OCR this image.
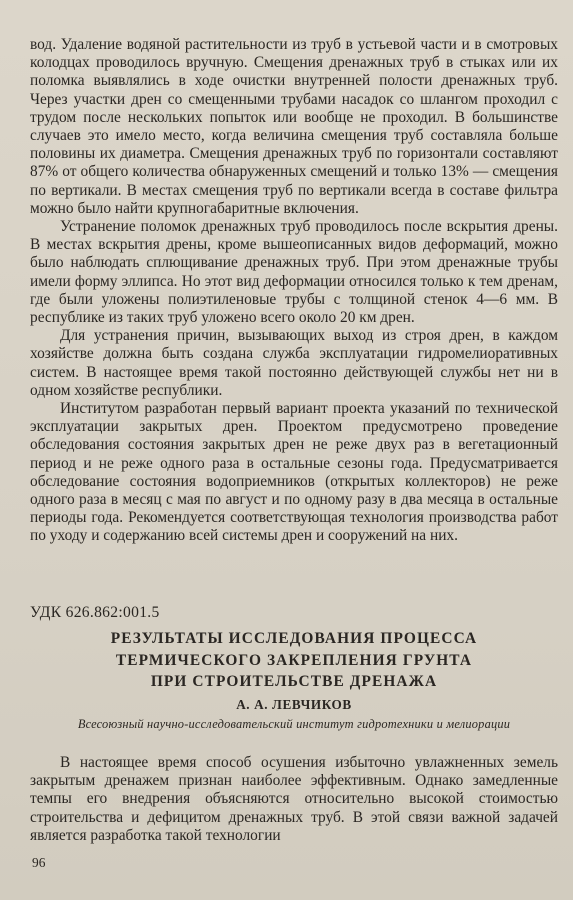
вод. Удаление водяной растительности из труб в устьевой части и в смотровых колодцах проводилось вручную. Смещения дренажных труб в стыках или их поломка выявлялись в ходе очистки внутренней полости дренажных труб. Через участки дрен со смещенными трубами насадок со шлангом проходил с трудом после нескольких попыток или вообще не проходил. В большинстве случаев это имело место, когда величина смещения труб составляла больше половины их диаметра. Смещения дренажных труб по горизонтали составляют 87% от общего количества обнаруженных смещений и только 13% — смещения по вертикали. В местах смещения труб по вертикали всегда в составе фильтра можно было найти крупногабаритные включения.

Устранение поломок дренажных труб проводилось после вскрытия дрены. В местах вскрытия дрены, кроме вышеописанных видов деформаций, можно было наблюдать сплющивание дренажных труб. При этом дренажные трубы имели форму эллипса. Но этот вид деформации относился только к тем дренам, где были уложены полиэтиленовые трубы с толщиной стенок 4—6 мм. В республике из таких труб уложено всего около 20 км дрен.

Для устранения причин, вызывающих выход из строя дрен, в каждом хозяйстве должна быть создана служба эксплуатации гидромелиоративных систем. В настоящее время такой постоянно действующей службы нет ни в одном хозяйстве республики.

Институтом разработан первый вариант проекта указаний по технической эксплуатации закрытых дрен. Проектом предусмотрено проведение обследования состояния закрытых дрен не реже двух раз в вегетационный период и не реже одного раза в остальные сезоны года. Предусматривается обследование состояния водоприемников (открытых коллекторов) не реже одного раза в месяц с мая по август и по одному разу в два месяца в остальные периоды года. Рекомендуется соответствующая технология производства работ по уходу и содержанию всей системы дрен и сооружений на них.

УДК 626.862:001.5
РЕЗУЛЬТАТЫ ИССЛЕДОВАНИЯ ПРОЦЕССА
ТЕРМИЧЕСКОГО ЗАКРЕПЛЕНИЯ ГРУНТА
ПРИ СТРОИТЕЛЬСТВЕ ДРЕНАЖА
А. А. ЛЕВЧИКОВ
Всесоюзный научно-исследовательский институт гидротехники и мелиорации

В настоящее время способ осушения избыточно увлажненных земель закрытым дренажем признан наиболее эффективным. Однако замедленные темпы его внедрения объясняются относительно высокой стоимостью строительства и дефицитом дренажных труб. В этой связи важной задачей является разработка такой технологии

96
